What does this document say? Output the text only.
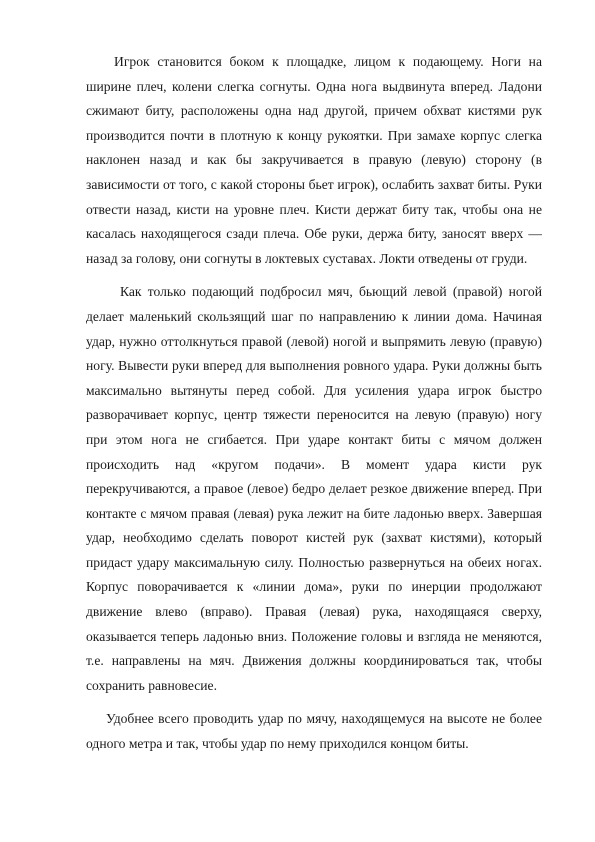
Игрок становится боком к площадке, лицом к подающему. Ноги на ширине плеч, колени слегка согнуты. Одна нога выдвинута вперед. Ладони сжимают биту, расположены одна над другой, причем обхват кистями рук производится почти в плотную к концу рукоятки. При замахе корпус слегка наклонен назад и как бы закручивается в правую (левую) сторону (в зависимости от того, с какой стороны бьет игрок), ослабить захват биты. Руки отвести назад, кисти на уровне плеч. Кисти держат биту так, чтобы она не касалась находящегося сзади плеча. Обе руки, держа биту, заносят вверх — назад за голову, они согнуты в локтевых суставах. Локти отведены от груди.

Как только подающий подбросил мяч, бьющий левой (правой) ногой делает маленький скользящий шаг по направлению к линии дома. Начиная удар, нужно оттолкнуться правой (левой) ногой и выпрямить левую (правую) ногу. Вывести руки вперед для выполнения ровного удара. Руки должны быть максимально вытянуты перед собой. Для усиления удара игрок быстро разворачивает корпус, центр тяжести переносится на левую (правую) ногу при этом нога не сгибается. При ударе контакт биты с мячом должен происходить над «кругом подачи». В момент удара кисти рук перекручиваются, а правое (левое) бедро делает резкое движение вперед. При контакте с мячом правая (левая) рука лежит на бите ладонью вверх. Завершая удар, необходимо сделать поворот кистей рук (захват кистями), который придаст удару максимальную силу. Полностью развернуться на обеих ногах. Корпус поворачивается к «линии дома», руки по инерции продолжают движение влево (вправо). Правая (левая) рука, находящаяся сверху, оказывается теперь ладонью вниз. Положение головы и взгляда не меняются, т.е. направлены на мяч. Движения должны координироваться так, чтобы сохранить равновесие.

Удобнее всего проводить удар по мячу, находящемуся на высоте не более одного метра и так, чтобы удар по нему приходился концом биты.
